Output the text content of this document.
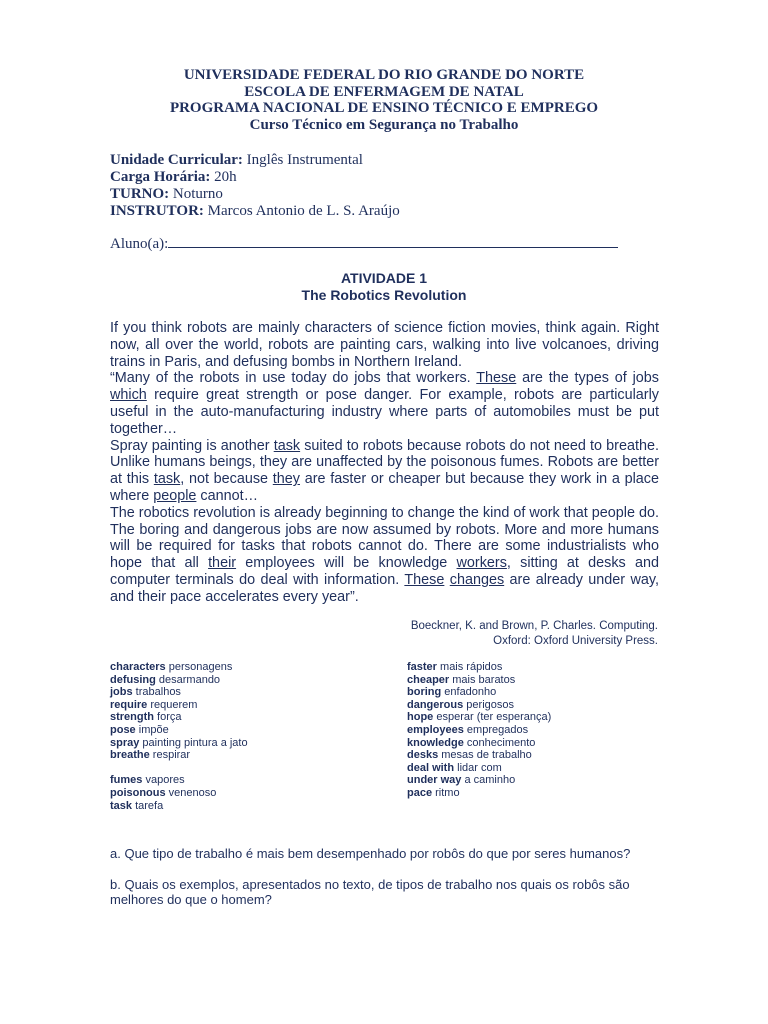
UNIVERSIDADE FEDERAL DO RIO GRANDE DO NORTE
ESCOLA DE ENFERMAGEM DE NATAL
PROGRAMA NACIONAL DE ENSINO TÉCNICO E EMPREGO
Curso Técnico em Segurança no Trabalho
Unidade Curricular: Inglês Instrumental
Carga Horária: 20h
TURNO: Noturno
INSTRUTOR: Marcos Antonio de L. S. Araújo
Aluno(a):
ATIVIDADE 1
The Robotics Revolution

If you think robots are mainly characters of science fiction movies, think again. Right now, all over the world, robots are painting cars, walking into live volcanoes, driving trains in Paris, and defusing bombs in Northern Ireland.

“Many of the robots in use today do jobs that workers. These are the types of jobs which require great strength or pose danger. For example, robots are particularly useful in the auto-manufacturing industry where parts of automobiles must be put together…

Spray painting is another task suited to robots because robots do not need to breathe. Unlike humans beings, they are unaffected by the poisonous fumes. Robots are better at this task, not because they are faster or cheaper but because they work in a place where people cannot…

The robotics revolution is already beginning to change the kind of work that people do. The boring and dangerous jobs are now assumed by robots. More and more humans will be required for tasks that robots cannot do. There are some industrialists who hope that all their employees will be knowledge workers, sitting at desks and computer terminals do deal with information. These changes are already under way, and their pace accelerates every year”.

Boeckner, K. and Brown, P. Charles. Computing.
Oxford: Oxford University Press.
characters personagens
defusing desarmando
jobs trabalhos
require requerem
strength força
pose impõe
spray painting pintura a jato
breathe respirar
fumes vapores
poisonous venenoso
task tarefa
faster mais rápidos
cheaper mais baratos
boring enfadonho
dangerous perigosos
hope esperar (ter esperança)
employees empregados
knowledge conhecimento
desks mesas de trabalho
deal with lidar com
under way a caminho
pace ritmo

a. Que tipo de trabalho é mais bem desempenhado por robôs do que por seres humanos?

b. Quais os exemplos, apresentados no texto, de tipos de trabalho nos quais os robôs são melhores do que o homem?
